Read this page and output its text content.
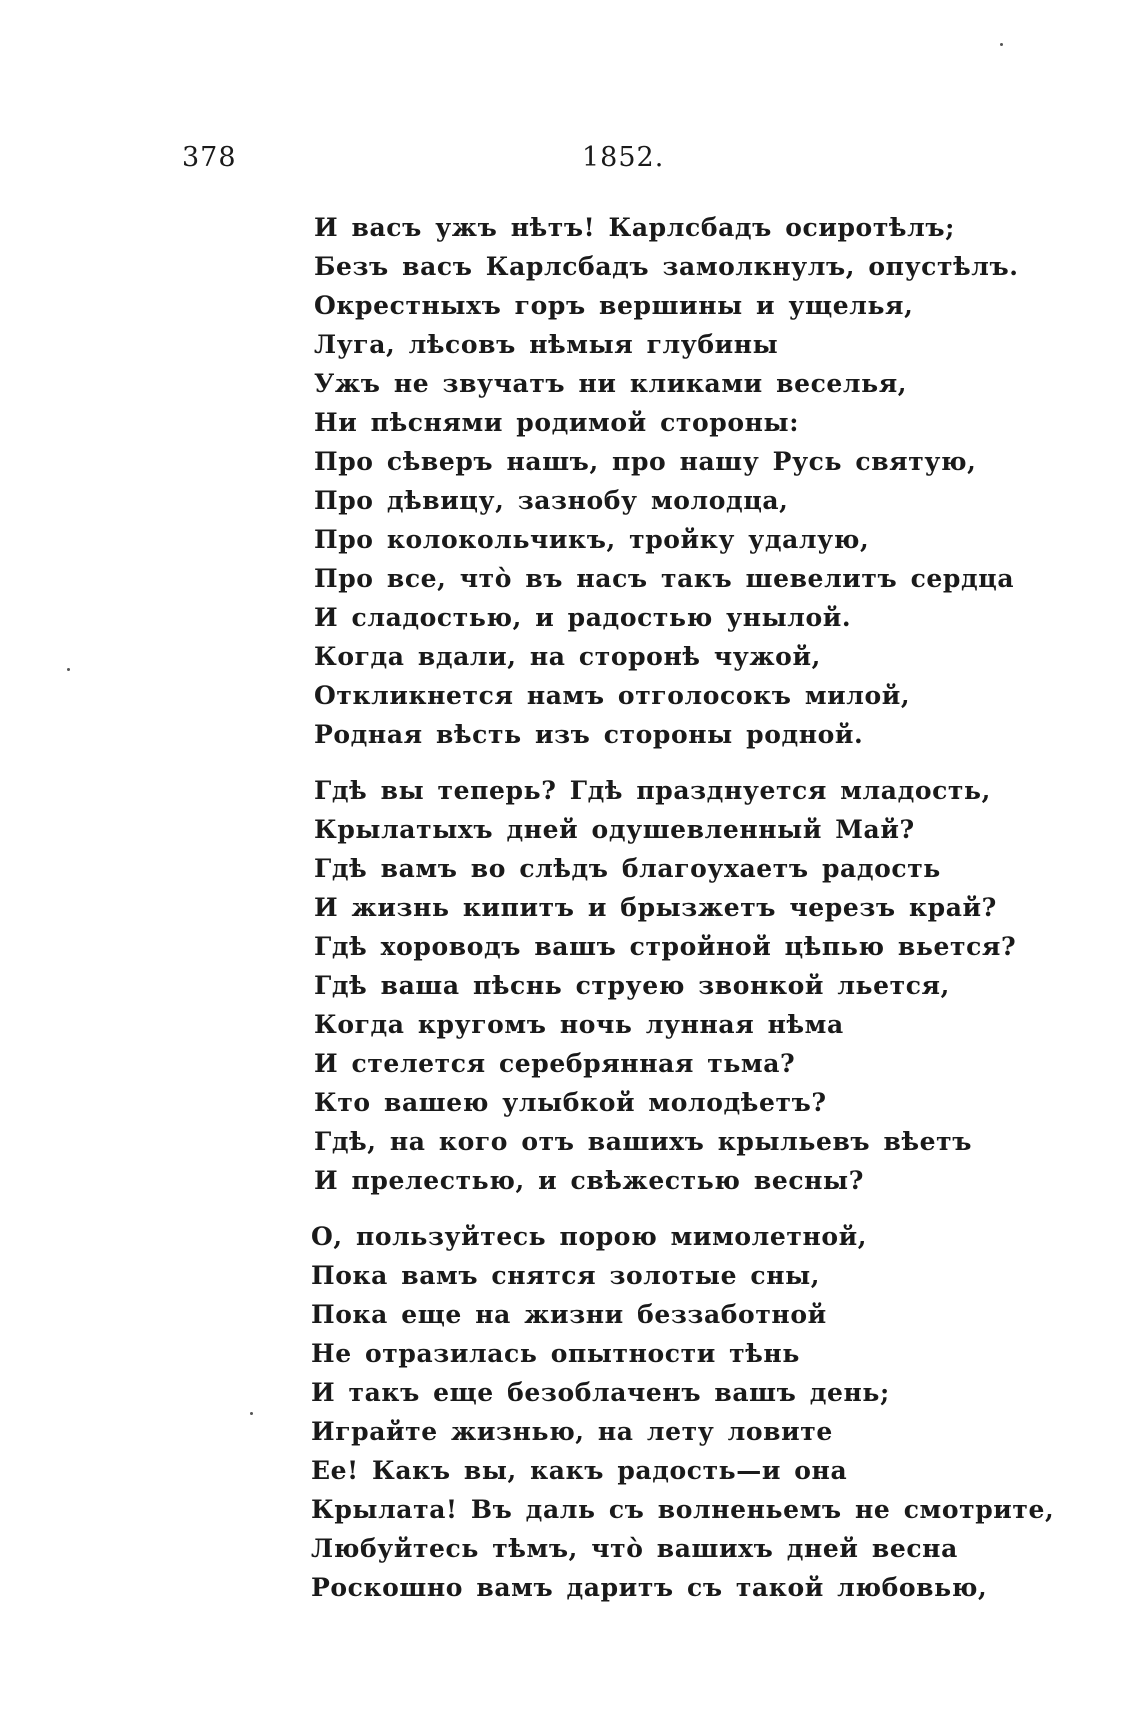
378	1852.
И васъ ужъ нѣтъ! Карлсбадъ осиротѣлъ;
Безъ васъ Карлсбадъ замолкнулъ, опустѣлъ.
Окрестныхъ горъ вершины и ущелья,
Луга, лѣсовъ нѣмыя глубины
Ужъ не звучатъ ни кликами веселья,
Ни пѣснями родимой стороны:
Про сѣверъ нашъ, про нашу Русь святую,
Про дѣвицу, зазнобу молодца,
Про колокольчикъ, тройку удалую,
Про все, что̀ въ насъ такъ шевелитъ сердца
И сладостью, и радостью унылой.
Когда вдали, на сторонѣ чужой,
Откликнется намъ отголосокъ милой,
Родная вѣсть изъ стороны родной.
Гдѣ вы теперь? Гдѣ празднуется младость,
Крылатыхъ дней одушевленный Май?
Гдѣ вамъ во слѣдъ благоухаетъ радость
И жизнь кипитъ и брызжетъ черезъ край?
Гдѣ хороводъ вашъ стройной цѣпью вьется?
Гдѣ ваша пѣснь струею звонкой льется,
Когда кругомъ ночь лунная нѣма
И стелется серебрянная тьма?
Кто вашею улыбкой молодѣетъ?
Гдѣ, на кого отъ вашихъ крыльевъ вѣетъ
И прелестью, и свѣжестью весны?
О, пользуйтесь порою мимолетной,
Пока вамъ снятся золотые сны,
Пока еще на жизни беззаботной
Не отразилась опытности тѣнь
И такъ еще безоблаченъ вашъ день;
Играйте жизнью, на лету ловите
Ее! Какъ вы, какъ радость—и она
Крылата! Въ даль съ волненьемъ не смотрите,
Любуйтесь тѣмъ, что̀ вашихъ дней весна
Роскошно вамъ даритъ съ такой любовью,
